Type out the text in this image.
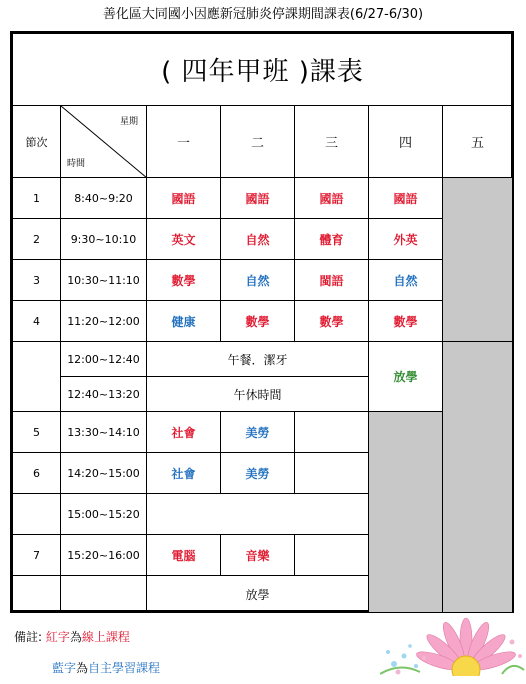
善化區大同國小因應新冠肺炎停課期間課表(6/27-6/30)
( 四年甲班 )課表						
節次	星期
時間	一	二	三	四	五
1	8:40~9:20	國語	國語	國語	國語	
2	9:30~10:10	英文	自然	體育	外英	
3	10:30~11:10	數學	自然	閩語	自然	
4	11:20~12:00	健康	數學	數學	數學	
	12:00~12:40	午餐．潔牙			放學	
	12:40~13:20	午休時間				
5	13:30~14:10	社會	美勞			
6	14:20~15:00	社會	美勞			
	15:00~15:20					
7	15:20~16:00	電腦	音樂			
		放學				
備註: 紅字為線上課程
藍字為自主學習課程
